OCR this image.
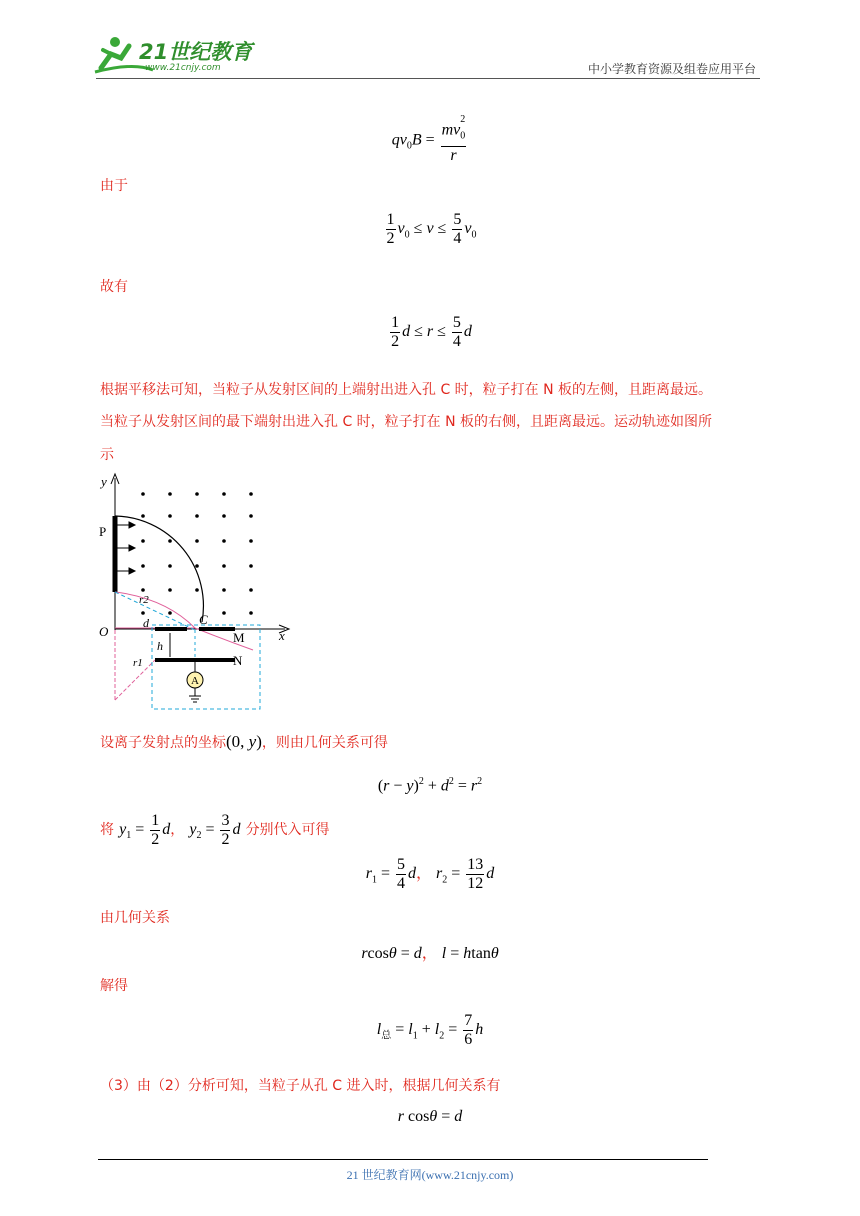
21世纪教育
www.21cnjy.com	中小学教育资源及组卷应用平台
$qv_0B = \frac{mv_0^2}{r}$
由于
$\frac{1}{2} v_0 \le v \le \frac{5}{4} v_0$
故有
$\frac{1}{2}$ $d \le r \le \frac{5}{4}$ d
根据平移法可知，当粒子从发射区间的上端射出进入孔 C 时，粒子打在 N 板的左侧，且距离最远。
当粒子从发射区间的最下端射出进入孔 C 时，粒子打在 N 板的右侧，且距离最远。运动轨迹如图所
示
y
x
O
P
M
N
C
d
h
r2
r1
A
设离子发射点的坐标(0, y)，则由几何关系可得
$(r - y)^2 + d^2 = r^2$
将 $y_1 = \frac{1}{2}$ d， $y_2 = \frac{3}{2}$ d 分别代入可得
$r_1 = \frac{5}{4}$ d， $r_2 = \frac{13}{12}$ d
由几何关系
rcosθ = d， l = htanθ
解得
$l_总 = l_1 + l_2 = \frac{7}{6}$ h
（3）由（2）分析可知，当粒子从孔 C 进入时，根据几何关系有
r cosθ = d
21 世纪教育网(www.21cnjy.com)
